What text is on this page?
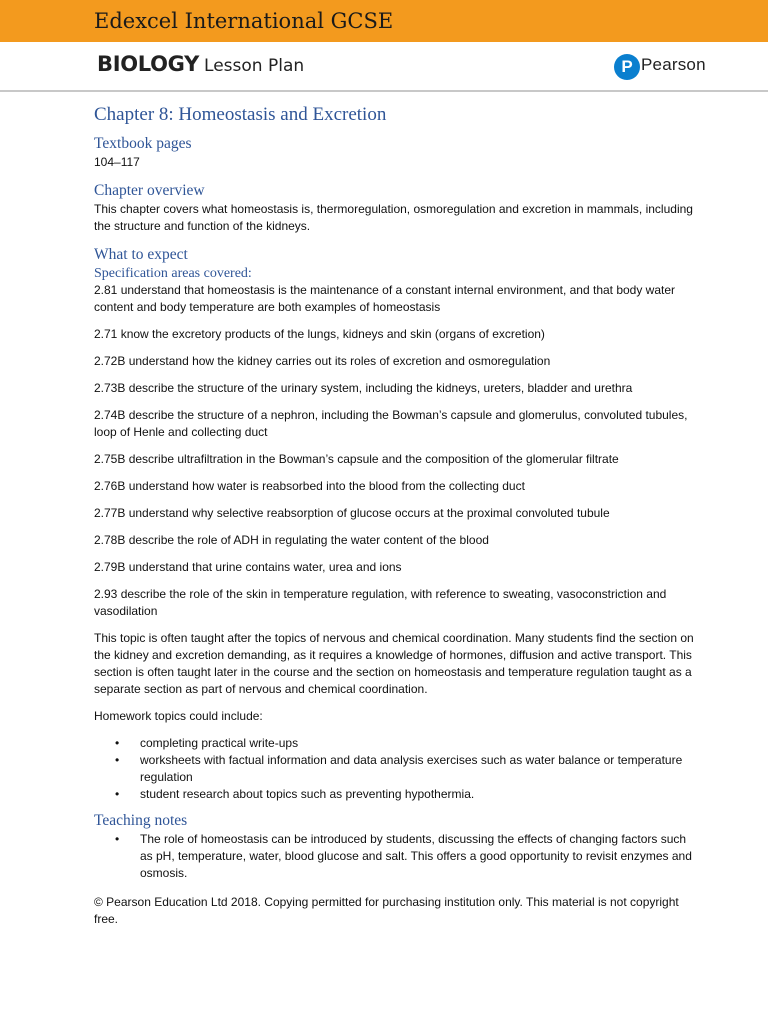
Edexcel International GCSE
BIOLOGY Lesson Plan	P Pearson
Chapter 8: Homeostasis and Excretion
Textbook pages

104–117

Chapter overview

This chapter covers what homeostasis is, thermoregulation, osmoregulation and excretion in mammals, including the structure and function of the kidneys.

What to expect
Specification areas covered:

2.81 understand that homeostasis is the maintenance of a constant internal environment, and that body water content and body temperature are both examples of homeostasis

2.71 know the excretory products of the lungs, kidneys and skin (organs of excretion)

2.72B understand how the kidney carries out its roles of excretion and osmoregulation

2.73B describe the structure of the urinary system, including the kidneys, ureters, bladder and urethra

2.74B describe the structure of a nephron, including the Bowman’s capsule and glomerulus, convoluted tubules, loop of Henle and collecting duct

2.75B describe ultrafiltration in the Bowman’s capsule and the composition of the glomerular filtrate

2.76B understand how water is reabsorbed into the blood from the collecting duct

2.77B understand why selective reabsorption of glucose occurs at the proximal convoluted tubule

2.78B describe the role of ADH in regulating the water content of the blood

2.79B understand that urine contains water, urea and ions

2.93 describe the role of the skin in temperature regulation, with reference to sweating, vasoconstriction and vasodilation

This topic is often taught after the topics of nervous and chemical coordination. Many students find the section on the kidney and excretion demanding, as it requires a knowledge of hormones, diffusion and active transport. This section is often taught later in the course and the section on homeostasis and temperature regulation taught as a separate section as part of nervous and chemical coordination.

Homework topics could include:

• completing practical write-ups
• worksheets with factual information and data analysis exercises such as water balance or temperature regulation
• student research about topics such as preventing hypothermia.
Teaching notes
• The role of homeostasis can be introduced by students, discussing the effects of changing factors such as pH, temperature, water, blood glucose and salt. This offers a good opportunity to revisit enzymes and osmosis.

© Pearson Education Ltd 2018. Copying permitted for purchasing institution only. This material is not copyright free.
